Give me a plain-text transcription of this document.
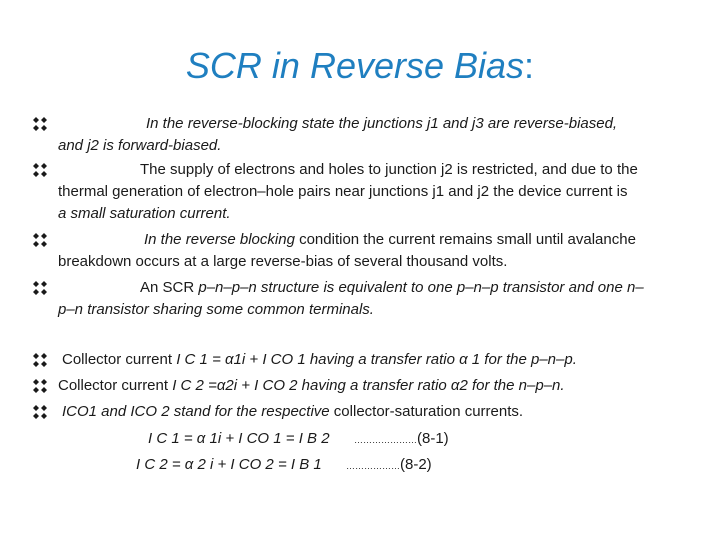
SCR in Reverse Bias:
In the reverse-blocking state the junctions j1 and j3 are reverse-biased,
and j2 is forward-biased.
The supply of electrons and holes to junction j2 is restricted, and due to the
thermal generation of electron–hole pairs near junctions j1 and j2 the device current is
a small saturation current.
In the reverse blocking condition the current remains small until avalanche
breakdown occurs at a large reverse-bias of several thousand volts.
An SCR p–n–p–n structure is equivalent to one p–n–p transistor and one n–
p–n transistor sharing some common terminals.
Collector current I C 1 = α1i + I CO 1 having a transfer ratio α 1 for the p–n–p.
Collector current I C 2 =α2i + I CO 2 having a transfer ratio α2 for the n–p–n.
ICO1 and ICO 2 stand for the respective collector-saturation currents.
I C 1 = α 1i + I CO 1 = I B 2	…………………(8-1)
I C 2 = α 2 i + I CO 2 = I B 1	………………(8-2)
